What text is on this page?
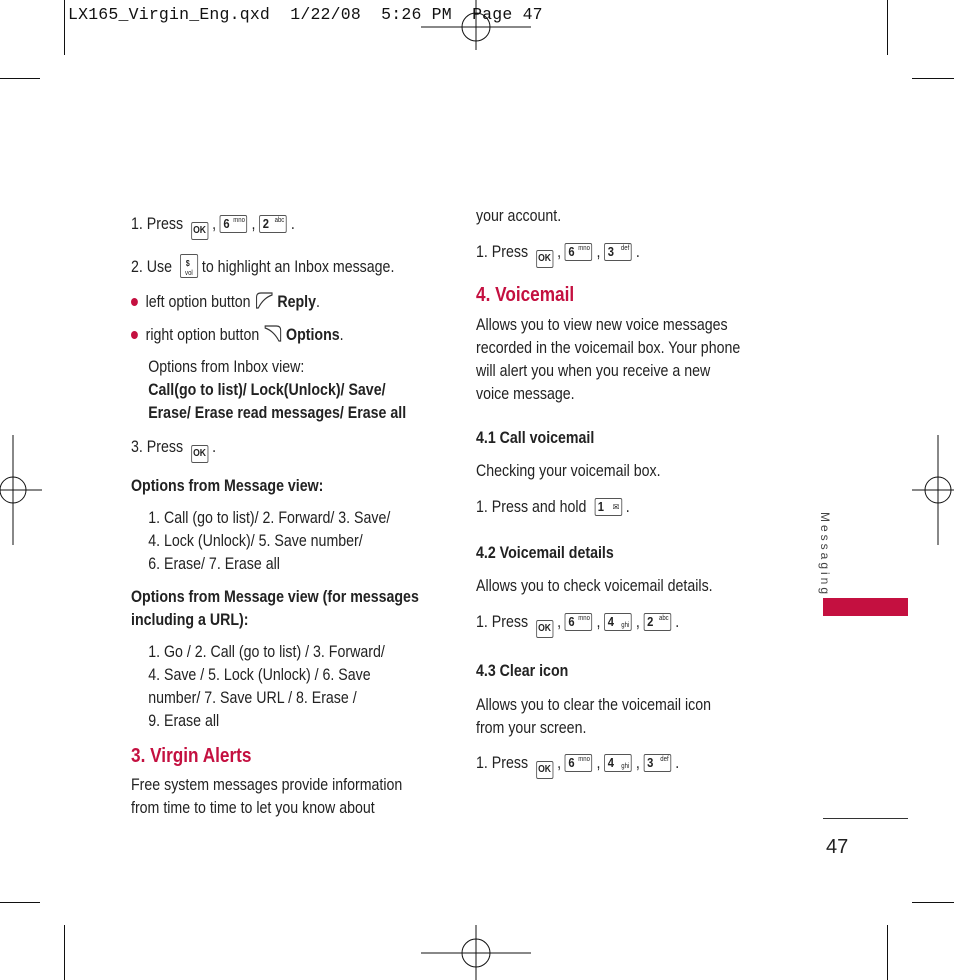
LX165_Virgin_Eng.qxd  1/22/08  5:26 PM  Page 47

1. Press OK , 6 mno , 2 abc .

2. Use $
vol to highlight an Inbox message.

left option button Reply.

right option button Options.

Options from Inbox view:

Call(go to list)/ Lock(Unlock)/ Save/

Erase/ Erase read messages/ Erase all

3. Press OK .

Options from Message view:

1. Call (go to list)/ 2. Forward/ 3. Save/

4. Lock (Unlock)/ 5. Save number/

6. Erase/ 7. Erase all

Options from Message view (for messages

including a URL):

1. Go / 2. Call (go to list) / 3. Forward/

4. Save / 5. Lock (Unlock) / 6. Save

number/ 7. Save URL / 8. Erase /

9. Erase all

3. Virgin Alerts

Free system messages provide information

from time to time to let you know about

your account.

1. Press OK , 6 mno , 3 def .

4. Voicemail

Allows you to view new voice messages

recorded in the voicemail box. Your phone

will alert you when you receive a new

voice message.

4.1 Call voicemail

Checking your voicemail box.

1. Press and hold 1 ✉ .

4.2 Voicemail details

Allows you to check voicemail details.

1. Press OK , 6 mno , 4 ghi , 2 abc .

4.3 Clear icon

Allows you to clear the voicemail icon

from your screen.

1. Press OK , 6 mno , 4 ghi , 3 def .

Messaging
47
